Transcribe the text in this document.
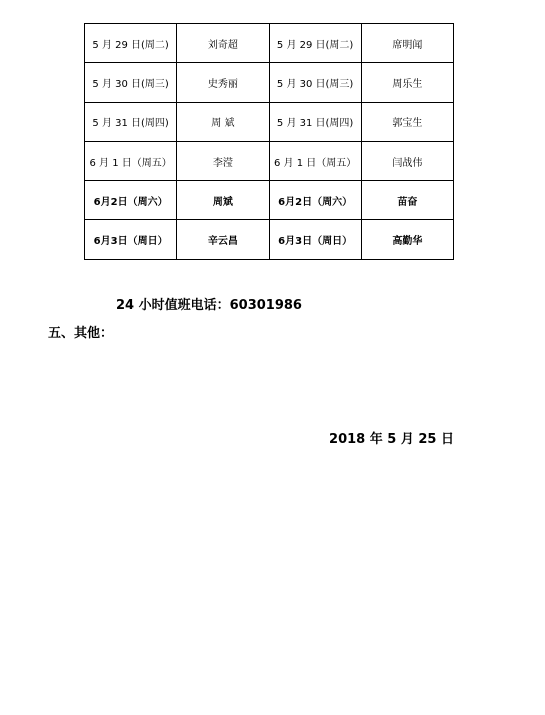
5 月 29 日(周二)	刘奇超	5 月 29 日(周二)	席明闻
5 月 30 日(周三)	史秀丽	5 月 30 日(周三)	周乐生
5 月 31 日(周四)	周 斌	5 月 31 日(周四)	郭宝生
6 月 1 日（周五）	李滢	6 月 1 日（周五）	闫战伟
6月2日（周六）	周斌	6月2日（周六）	苗奋
6月3日（周日）	辛云昌	6月3日（周日）	高勤华
24 小时值班电话：60301986
五、其他：
2018 年 5 月 25 日
